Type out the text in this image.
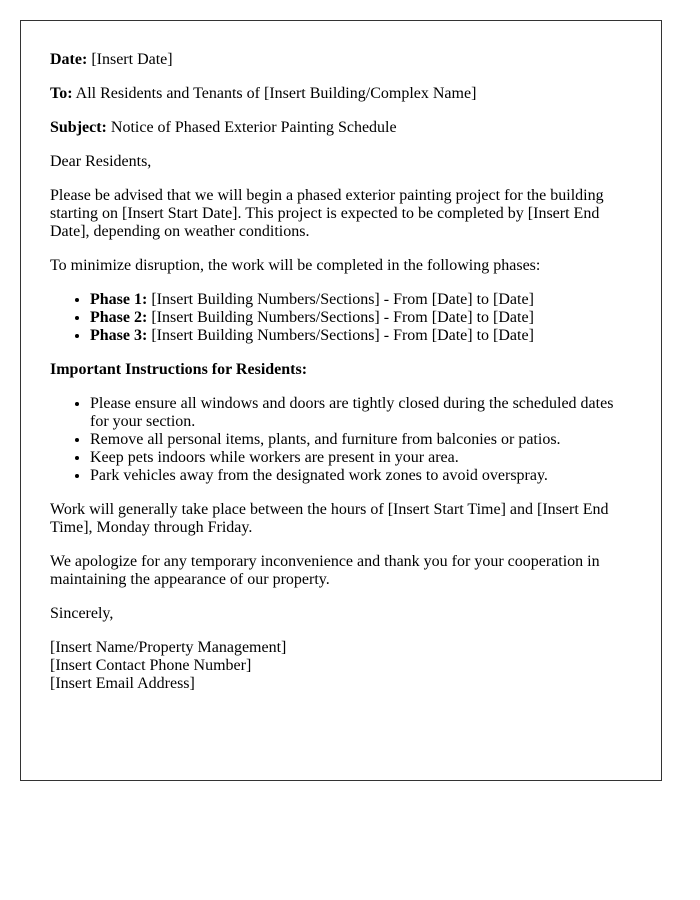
Date: [Insert Date]

To: All Residents and Tenants of [Insert Building/Complex Name]

Subject: Notice of Phased Exterior Painting Schedule

Dear Residents,

Please be advised that we will begin a phased exterior painting project for the building starting on [Insert Start Date]. This project is expected to be completed by [Insert End Date], depending on weather conditions.

To minimize disruption, the work will be completed in the following phases:

• Phase 1: [Insert Building Numbers/Sections] - From [Date] to [Date]
• Phase 2: [Insert Building Numbers/Sections] - From [Date] to [Date]
• Phase 3: [Insert Building Numbers/Sections] - From [Date] to [Date]

Important Instructions for Residents:

• Please ensure all windows and doors are tightly closed during the scheduled dates for your section.
• Remove all personal items, plants, and furniture from balconies or patios.
• Keep pets indoors while workers are present in your area.
• Park vehicles away from the designated work zones to avoid overspray.

Work will generally take place between the hours of [Insert Start Time] and [Insert End Time], Monday through Friday.

We apologize for any temporary inconvenience and thank you for your cooperation in maintaining the appearance of our property.

Sincerely,

[Insert Name/Property Management]
[Insert Contact Phone Number]
[Insert Email Address]
